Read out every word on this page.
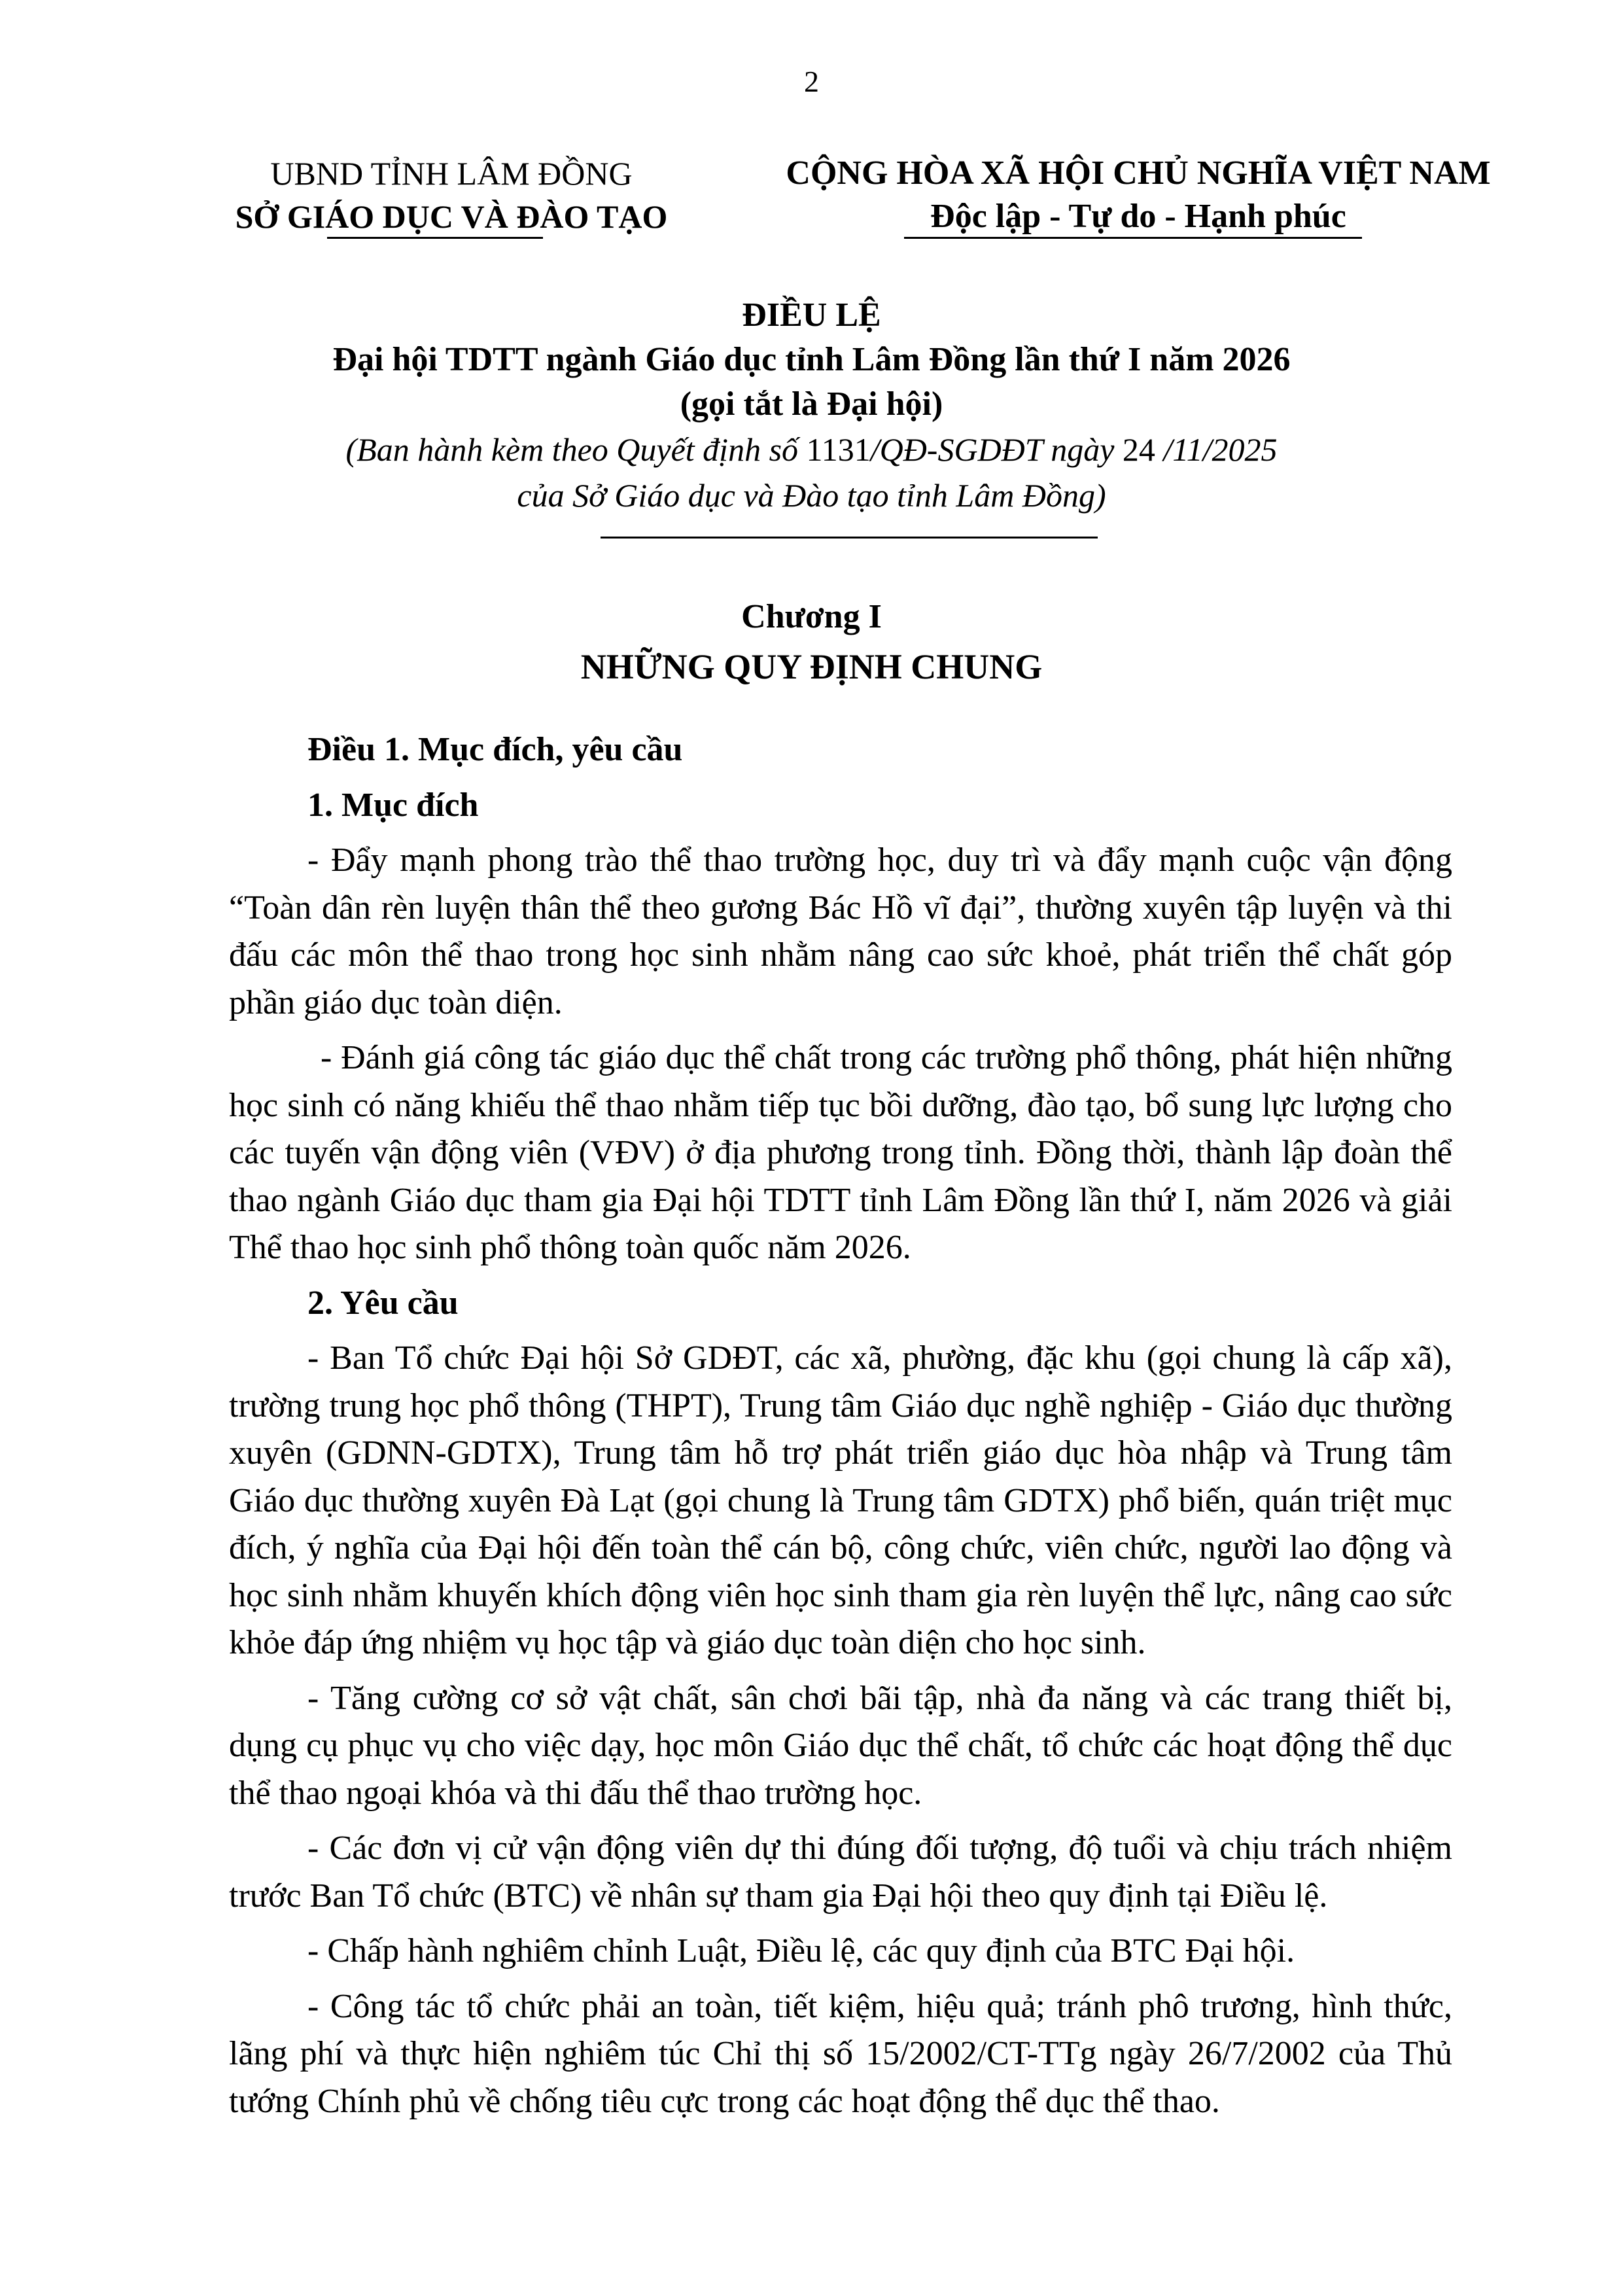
2
UBND TỈNH LÂM ĐỒNG
SỞ GIÁO DỤC VÀ ĐÀO TẠO
CỘNG HÒA XÃ HỘI CHỦ NGHĨA VIỆT NAM
Độc lập - Tự do - Hạnh phúc
ĐIỀU LỆ
Đại hội TDTT ngành Giáo dục tỉnh Lâm Đồng lần thứ I năm 2026
(gọi tắt là Đại hội)
(Ban hành kèm theo Quyết định số 1131/QĐ-SGDĐT ngày 24 /11/2025
của Sở Giáo dục và Đào tạo tỉnh Lâm Đồng)
Chương I
NHỮNG QUY ĐỊNH CHUNG
Điều 1. Mục đích, yêu cầu
1. Mục đích
- Đẩy mạnh phong trào thể thao trường học, duy trì và đẩy mạnh cuộc vận động “Toàn dân rèn luyện thân thể theo gương Bác Hồ vĩ đại”, thường xuyên tập luyện và thi đấu các môn thể thao trong học sinh nhằm nâng cao sức khoẻ, phát triển thể chất góp phần giáo dục toàn diện.
- Đánh giá công tác giáo dục thể chất trong các trường phổ thông, phát hiện những học sinh có năng khiếu thể thao nhằm tiếp tục bồi dưỡng, đào tạo, bổ sung lực lượng cho các tuyến vận động viên (VĐV) ở địa phương trong tỉnh. Đồng thời, thành lập đoàn thể thao ngành Giáo dục tham gia Đại hội TDTT tỉnh Lâm Đồng lần thứ I, năm 2026 và giải Thể thao học sinh phổ thông toàn quốc năm 2026.
2. Yêu cầu
- Ban Tổ chức Đại hội Sở GDĐT, các xã, phường, đặc khu (gọi chung là cấp xã), trường trung học phổ thông (THPT), Trung tâm Giáo dục nghề nghiệp - Giáo dục thường xuyên (GDNN-GDTX), Trung tâm hỗ trợ phát triển giáo dục hòa nhập và Trung tâm Giáo dục thường xuyên Đà Lạt (gọi chung là Trung tâm GDTX) phổ biến, quán triệt mục đích, ý nghĩa của Đại hội đến toàn thể cán bộ, công chức, viên chức, người lao động và học sinh nhằm khuyến khích động viên học sinh tham gia rèn luyện thể lực, nâng cao sức khỏe đáp ứng nhiệm vụ học tập và giáo dục toàn diện cho học sinh.
- Tăng cường cơ sở vật chất, sân chơi bãi tập, nhà đa năng và các trang thiết bị, dụng cụ phục vụ cho việc dạy, học môn Giáo dục thể chất, tổ chức các hoạt động thể dục thể thao ngoại khóa và thi đấu thể thao trường học.
- Các đơn vị cử vận động viên dự thi đúng đối tượng, độ tuổi và chịu trách nhiệm trước Ban Tổ chức (BTC) về nhân sự tham gia Đại hội theo quy định tại Điều lệ.
- Chấp hành nghiêm chỉnh Luật, Điều lệ, các quy định của BTC Đại hội.
- Công tác tổ chức phải an toàn, tiết kiệm, hiệu quả; tránh phô trương, hình thức, lãng phí và thực hiện nghiêm túc Chỉ thị số 15/2002/CT-TTg ngày 26/7/2002 của Thủ tướng Chính phủ về chống tiêu cực trong các hoạt động thể dục thể thao.
